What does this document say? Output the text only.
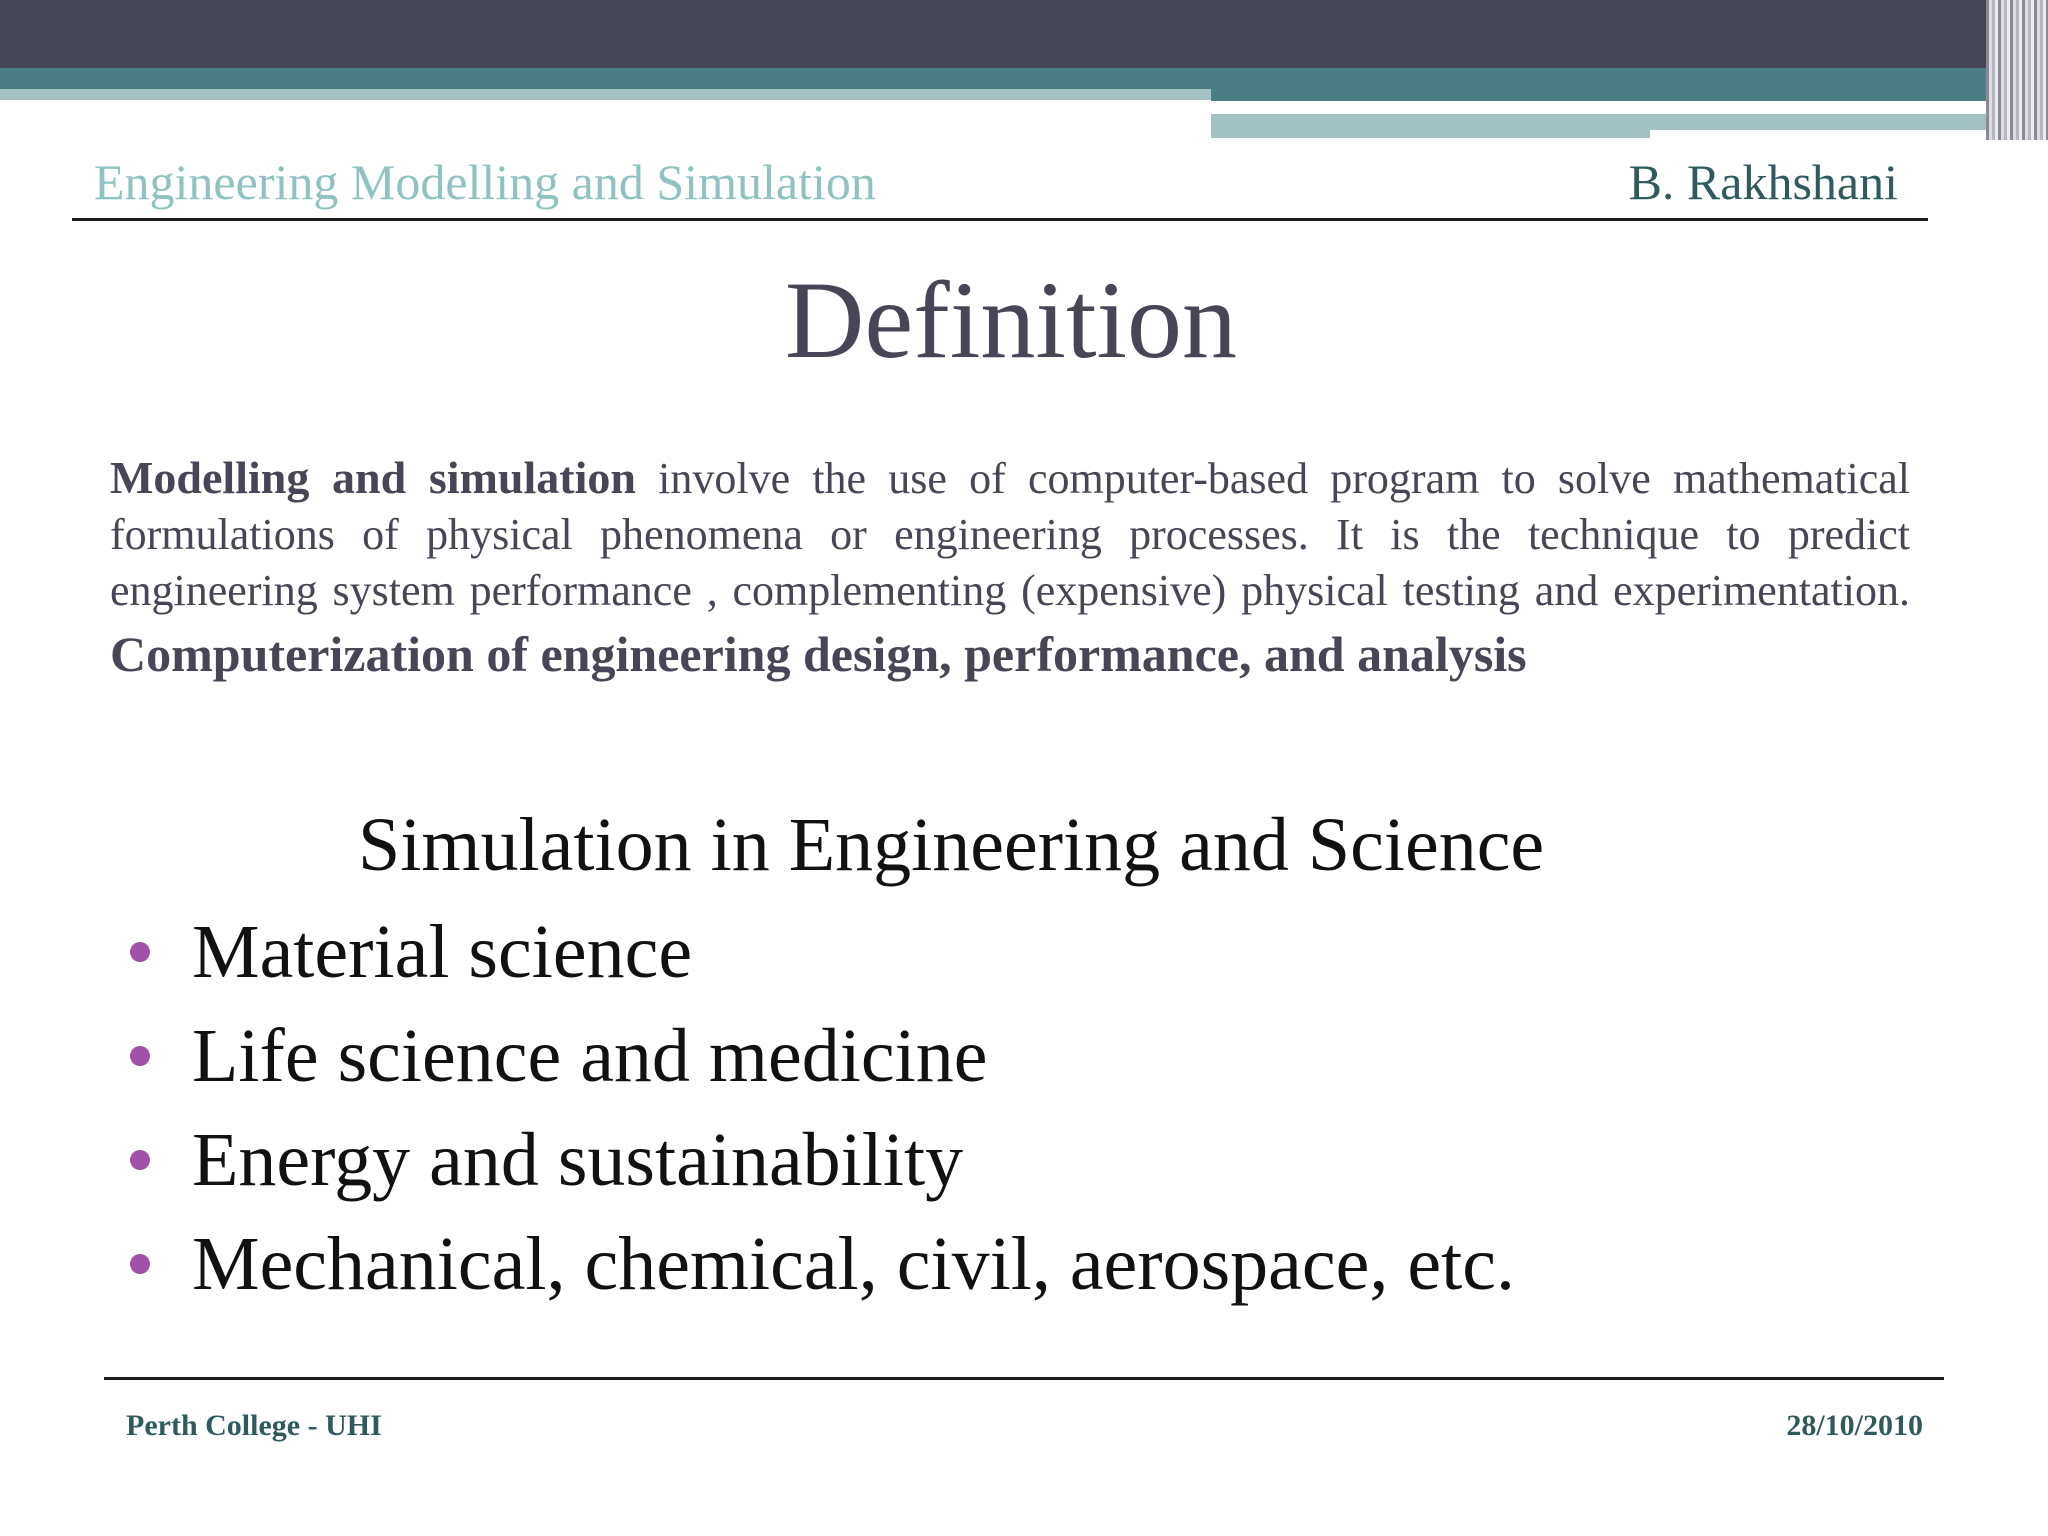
Engineering Modelling and Simulation	B. Rakhshani
Definition
Modelling and simulation involve the use of computer-based program to solve mathematical formulations of physical phenomena or engineering processes. It is the technique to predict engineering system performance , complementing (expensive) physical testing and experimentation. Computerization of engineering design, performance, and analysis
Simulation in Engineering and Science
Material science
Life science and medicine
Energy and sustainability
Mechanical, chemical, civil, aerospace, etc.
Perth College - UHI	28/10/2010
